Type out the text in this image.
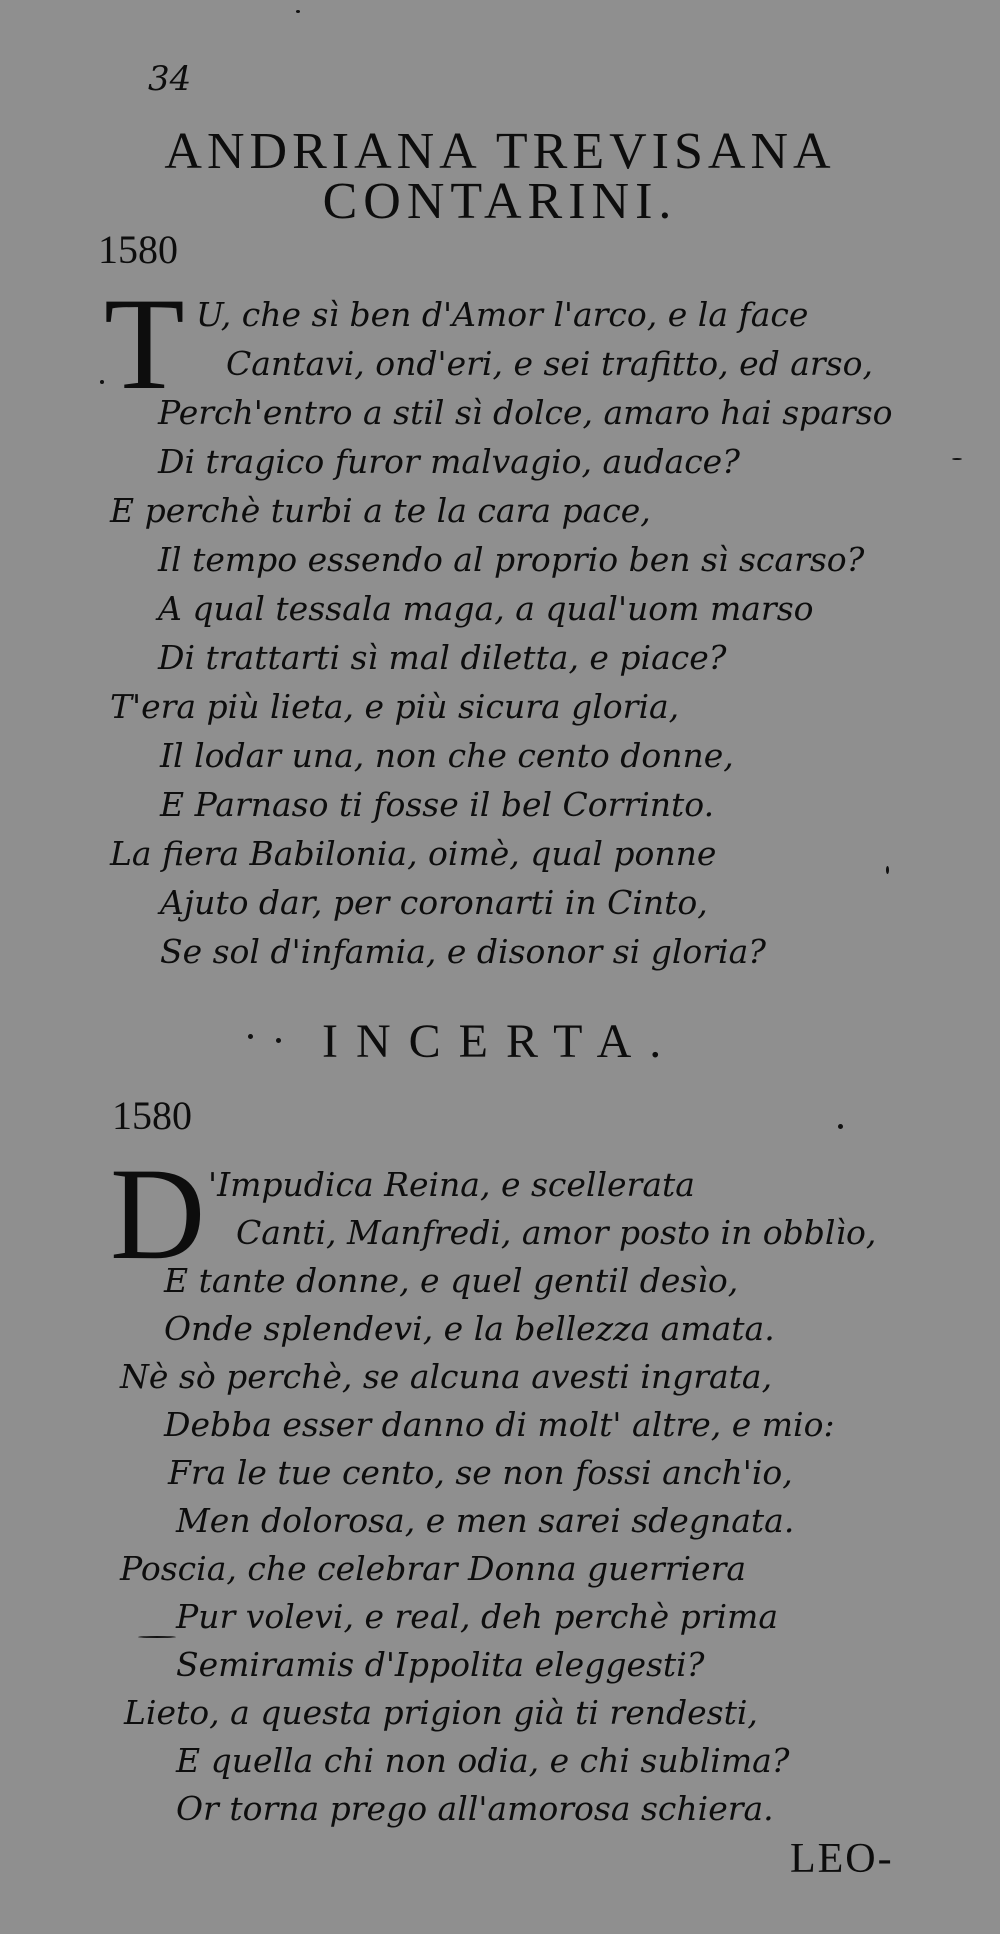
34
ANDRIANA TREVISANA
CONTARINI.
1580
T U, che sì ben d'Amor l'arco, e la face
Cantavi, ond'eri, e sei trafitto, ed arso,
Perch'entro a stil sì dolce, amaro hai sparso
Di tragico furor malvagio, audace?
E perchè turbi a te la cara pace,
Il tempo essendo al proprio ben sì scarso?
A qual tessala maga, a qual'uom marso
Di trattarti sì mal diletta, e piace?
T'era più lieta, e più sicura gloria,
Il lodar una, non che cento donne,
E Parnaso ti fosse il bel Corrinto.
La fiera Babilonia, oimè, qual ponne
Ajuto dar, per coronarti in Cinto,
Se sol d'infamia, e disonor si gloria?
INCERTA.
1580
D 'Impudica Reina, e scellerata
Canti, Manfredi, amor posto in obblìo,
E tante donne, e quel gentil desìo,
Onde splendevi, e la bellezza amata.
Nè sò perchè, se alcuna avesti ingrata,
Debba esser danno di molt' altre, e mio:
Fra le tue cento, se non fossi anch'io,
Men dolorosa, e men sarei sdegnata.
Poscia, che celebrar Donna guerriera
Pur volevi, e real, deh perchè prima
Semiramis d'Ippolita eleggesti?
Lieto, a questa prigion già ti rendesti,
E quella chi non odia, e chi sublima?
Or torna prego all'amorosa schiera.
LEO-
